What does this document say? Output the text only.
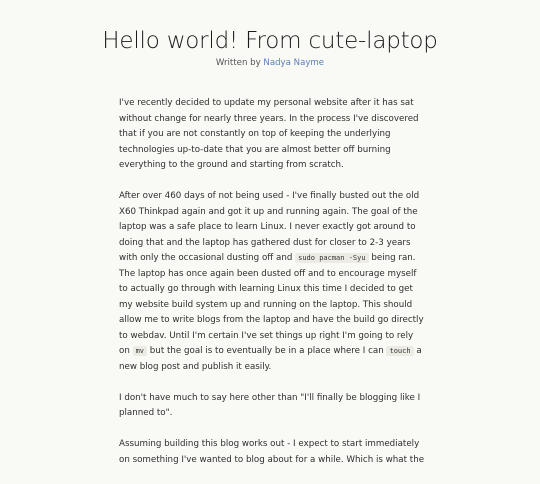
Hello world! From cute-laptop
Written by Nadya Nayme

I've recently decided to update my personal website after it has sat without change for nearly three years. In the process I've discovered that if you are not constantly on top of keeping the underlying technologies up-to-date that you are almost better off burning everything to the ground and starting from scratch.

After over 460 days of not being used - I've finally busted out the old X60 Thinkpad again and got it up and running again. The goal of the laptop was a safe place to learn Linux. I never exactly got around to doing that and the laptop has gathered dust for closer to 2-3 years with only the occasional dusting off and sudo pacman -Syu being ran. The laptop has once again been dusted off and to encourage myself to actually go through with learning Linux this time I decided to get my website build system up and running on the laptop. This should allow me to write blogs from the laptop and have the build go directly to webdav. Until I'm certain I've set things up right I'm going to rely on mv but the goal is to eventually be in a place where I can touch a new blog post and publish it easily.

I don't have much to say here other than "I'll finally be blogging like I planned to".

Assuming building this blog works out - I expect to start immediately on something I've wanted to blog about for a while. Which is what the
